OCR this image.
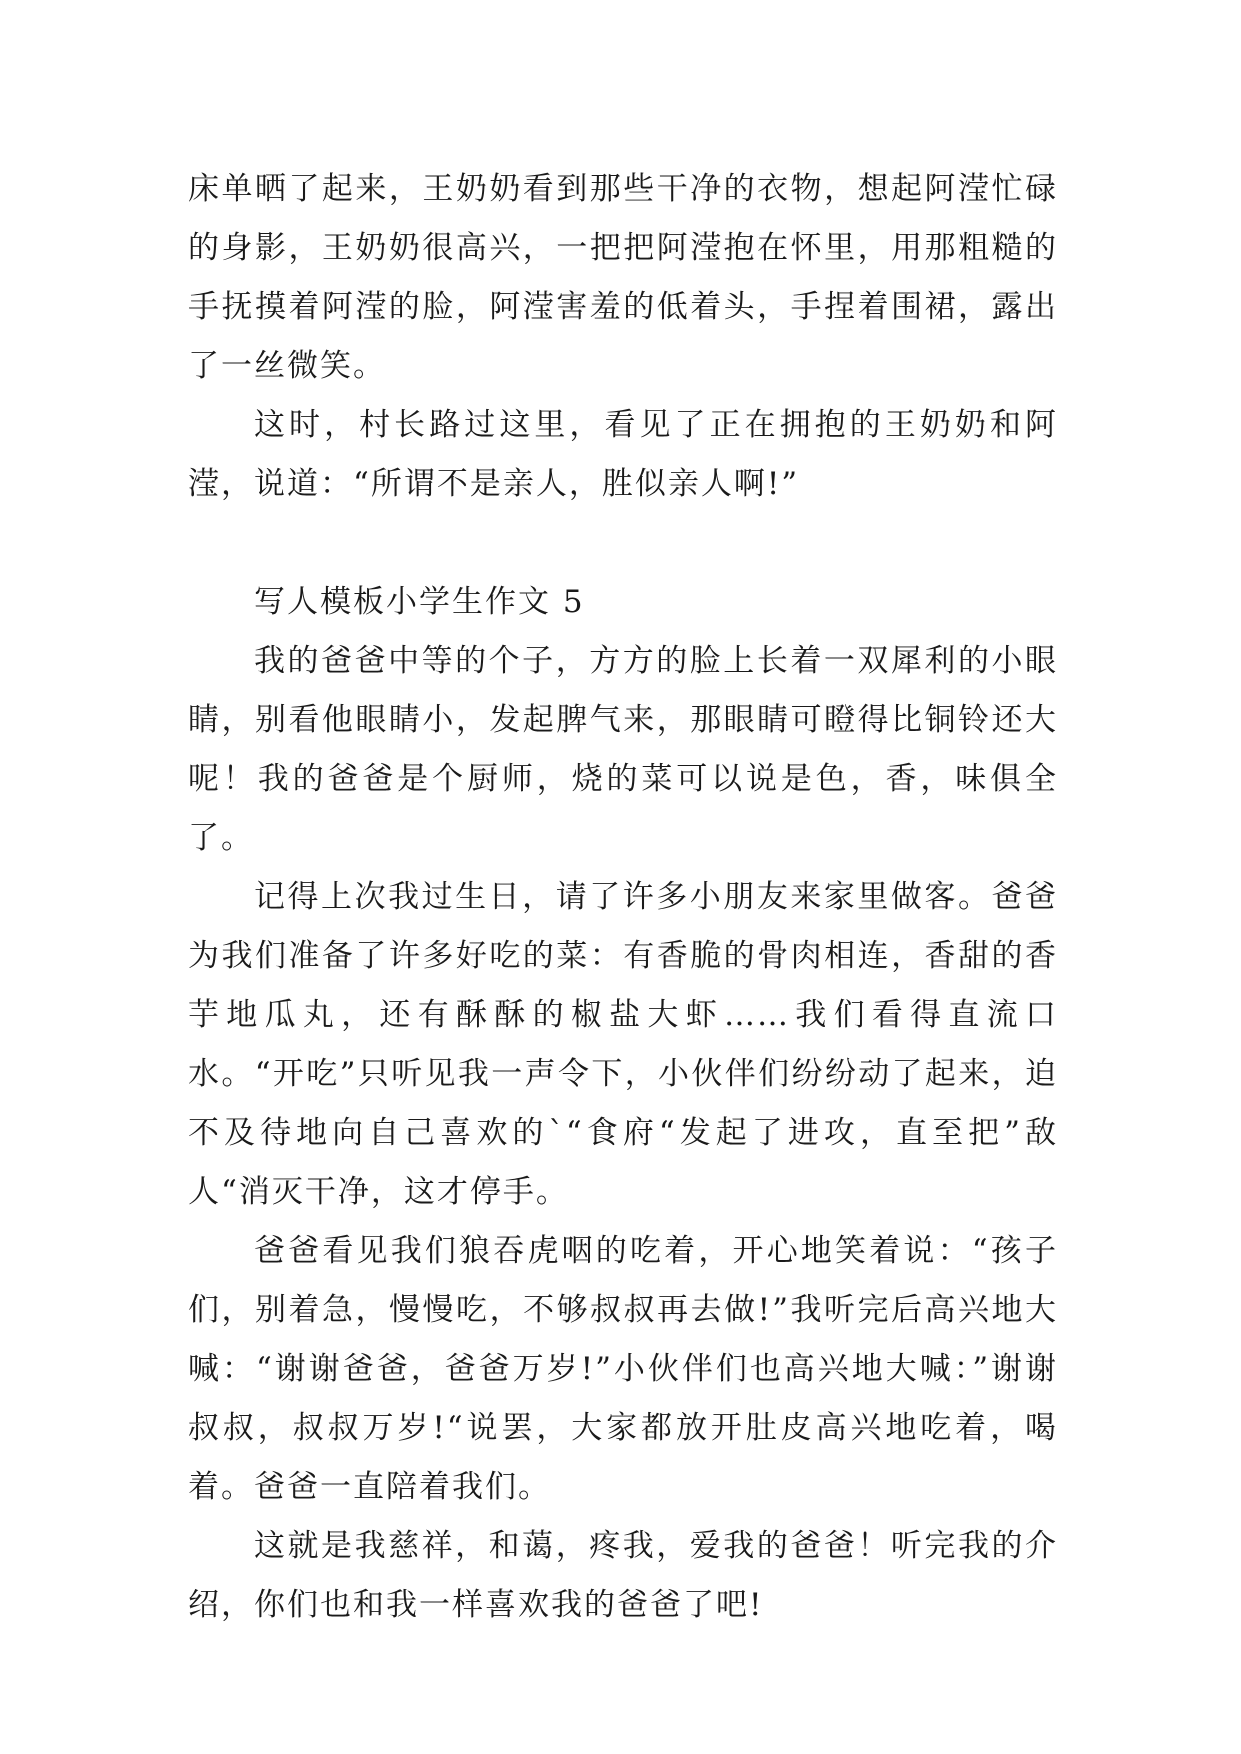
床单晒了起来，王奶奶看到那些干净的衣物，想起阿滢忙碌的身影，王奶奶很高兴，一把把阿滢抱在怀里，用那粗糙的手抚摸着阿滢的脸，阿滢害羞的低着头，手捏着围裙，露出了一丝微笑。

这时，村长路过这里，看见了正在拥抱的王奶奶和阿滢，说道：“所谓不是亲人，胜似亲人啊!”

写人模板小学生作文 5

我的爸爸中等的个子，方方的脸上长着一双犀利的小眼睛，别看他眼睛小，发起脾气来，那眼睛可瞪得比铜铃还大呢！我的爸爸是个厨师，烧的菜可以说是色，香，味俱全了。

记得上次我过生日，请了许多小朋友来家里做客。爸爸为我们准备了许多好吃的菜：有香脆的骨肉相连，香甜的香芋地瓜丸，还有酥酥的椒盐大虾……我们看得直流口水。“开吃”只听见我一声令下，小伙伴们纷纷动了起来，迫不及待地向自己喜欢的`“食府“发起了进攻，直至把”敌人“消灭干净，这才停手。

爸爸看见我们狼吞虎咽的吃着，开心地笑着说：“孩子们，别着急，慢慢吃，不够叔叔再去做!”我听完后高兴地大喊：“谢谢爸爸，爸爸万岁!”小伙伴们也高兴地大喊：”谢谢叔叔，叔叔万岁!“说罢，大家都放开肚皮高兴地吃着，喝着。爸爸一直陪着我们。

这就是我慈祥，和蔼，疼我，爱我的爸爸！听完我的介绍，你们也和我一样喜欢我的爸爸了吧!
